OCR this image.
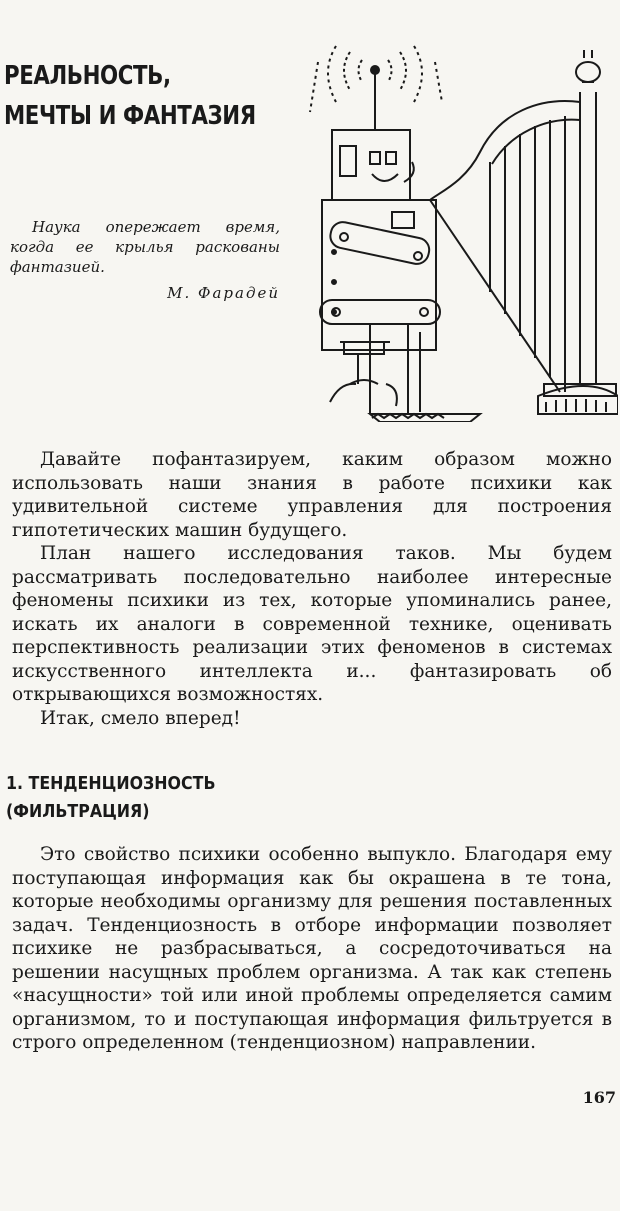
РЕАЛЬНОСТЬ,
МЕЧТЫ И ФАНТАЗИЯ
Наука опережает время, когда ее крылья раскованы фантазией.
М. Фарадей

Давайте пофантазируем, каким образом можно использовать наши знания в работе психики как удивительной системе управления для построения гипотетических машин будущего.

План нашего исследования таков. Мы будем рассматривать последовательно наиболее интересные феномены психики из тех, которые упоминались ранее, искать их аналоги в современной технике, оценивать перспективность реализации этих феноменов в системах искусственного интеллекта и... фантазировать об открывающихся возможностях.

Итак, смело вперед!

1. ТЕНДЕНЦИОЗНОСТЬ
(ФИЛЬТРАЦИЯ)

Это свойство психики особенно выпукло. Благодаря ему поступающая информация как бы окрашена в те тона, которые необходимы организму для решения поставленных задач. Тенденциозность в отборе информации позволяет психике не разбрасываться, а сосредоточиваться на решении насущных проблем организма. А так как степень «насущности» той или иной проблемы определяется самим организмом, то и поступающая информация фильтруется в строго определенном (тенденциозном) направлении.

167
